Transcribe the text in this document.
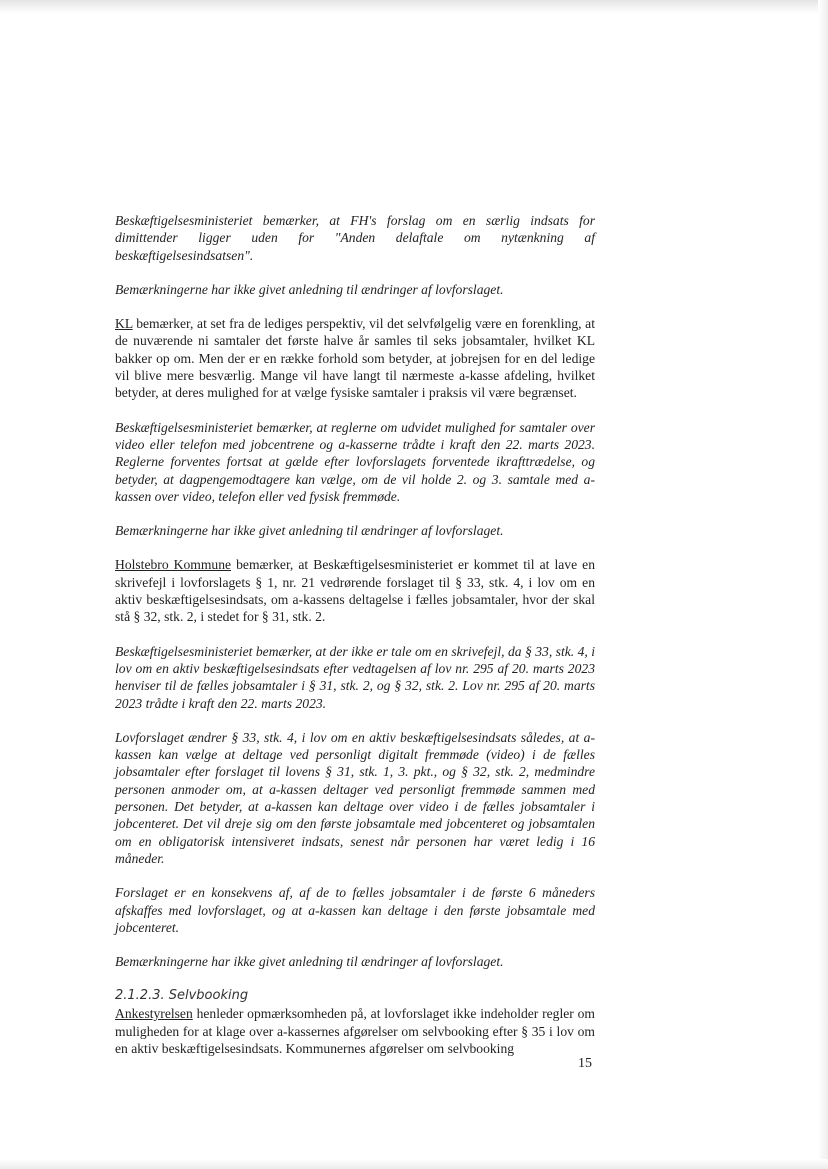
Beskæftigelsesministeriet bemærker, at FH's forslag om en særlig indsats for dimittender ligger uden for "Anden delaftale om nytænkning af beskæftigelsesindsatsen".

Bemærkningerne har ikke givet anledning til ændringer af lovforslaget.

KL bemærker, at set fra de lediges perspektiv, vil det selvfølgelig være en forenkling, at de nuværende ni samtaler det første halve år samles til seks jobsamtaler, hvilket KL bakker op om. Men der er en række forhold som betyder, at jobrejsen for en del ledige vil blive mere besværlig. Mange vil have langt til nærmeste a-kasse afdeling, hvilket betyder, at deres mulighed for at vælge fysiske samtaler i praksis vil være begrænset.

Beskæftigelsesministeriet bemærker, at reglerne om udvidet mulighed for samtaler over video eller telefon med jobcentrene og a-kasserne trådte i kraft den 22. marts 2023. Reglerne forventes fortsat at gælde efter lovforslagets forventede ikrafttrædelse, og betyder, at dagpengemodtagere kan vælge, om de vil holde 2. og 3. samtale med a-kassen over video, telefon eller ved fysisk fremmøde.

Bemærkningerne har ikke givet anledning til ændringer af lovforslaget.

Holstebro Kommune bemærker, at Beskæftigelsesministeriet er kommet til at lave en skrivefejl i lovforslagets § 1, nr. 21 vedrørende forslaget til § 33, stk. 4, i lov om en aktiv beskæftigelsesindsats, om a-kassens deltagelse i fælles jobsamtaler, hvor der skal stå § 32, stk. 2, i stedet for § 31, stk. 2.

Beskæftigelsesministeriet bemærker, at der ikke er tale om en skrivefejl, da § 33, stk. 4, i lov om en aktiv beskæftigelsesindsats efter vedtagelsen af lov nr. 295 af 20. marts 2023 henviser til de fælles jobsamtaler i § 31, stk. 2, og § 32, stk. 2. Lov nr. 295 af 20. marts 2023 trådte i kraft den 22. marts 2023.

Lovforslaget ændrer § 33, stk. 4, i lov om en aktiv beskæftigelsesindsats således, at a-kassen kan vælge at deltage ved personligt digitalt fremmøde (video) i de fælles jobsamtaler efter forslaget til lovens § 31, stk. 1, 3. pkt., og § 32, stk. 2, medmindre personen anmoder om, at a-kassen deltager ved personligt fremmøde sammen med personen. Det betyder, at a-kassen kan deltage over video i de fælles jobsamtaler i jobcenteret. Det vil dreje sig om den første jobsamtale med jobcenteret og jobsamtalen om en obligatorisk intensiveret indsats, senest når personen har været ledig i 16 måneder.

Forslaget er en konsekvens af, af de to fælles jobsamtaler i de første 6 måneders afskaffes med lovforslaget, og at a-kassen kan deltage i den første jobsamtale med jobcenteret.

Bemærkningerne har ikke givet anledning til ændringer af lovforslaget.

2.1.2.3. Selvbooking

Ankestyrelsen henleder opmærksomheden på, at lovforslaget ikke indeholder regler om muligheden for at klage over a-kassernes afgørelser om selvbooking efter § 35 i lov om en aktiv beskæftigelsesindsats. Kommunernes afgørelser om selvbooking

15
